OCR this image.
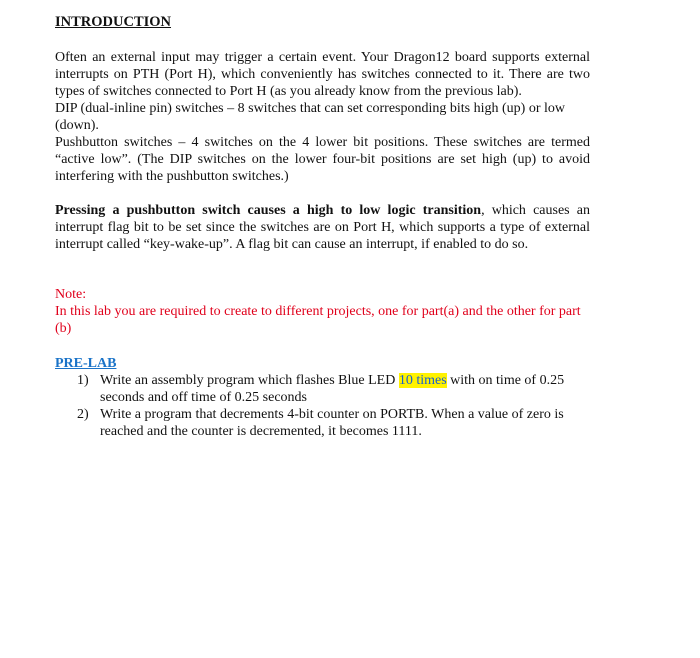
INTRODUCTION

Often an external input may trigger a certain event. Your Dragon12 board supports external interrupts on PTH (Port H), which conveniently has switches connected to it. There are two types of switches connected to Port H (as you already know from the previous lab).

DIP (dual-inline pin) switches – 8 switches that can set corresponding bits high (up) or low (down).

Pushbutton switches – 4 switches on the 4 lower bit positions. These switches are termed “active low”. (The DIP switches on the lower four-bit positions are set high (up) to avoid interfering with the pushbutton switches.)

Pressing a pushbutton switch causes a high to low logic transition, which causes an interrupt flag bit to be set since the switches are on Port H, which supports a type of external interrupt called “key-wake-up”. A flag bit can cause an interrupt, if enabled to do so.

Note:

In this lab you are required to create to different projects, one for part(a) and the other for part (b)

PRE-LAB

1) Write an assembly program which flashes Blue LED 10 times with on time of 0.25 seconds and off time of 0.25 seconds
2) Write a program that decrements 4-bit counter on PORTB. When a value of zero is reached and the counter is decremented, it becomes 1111.
